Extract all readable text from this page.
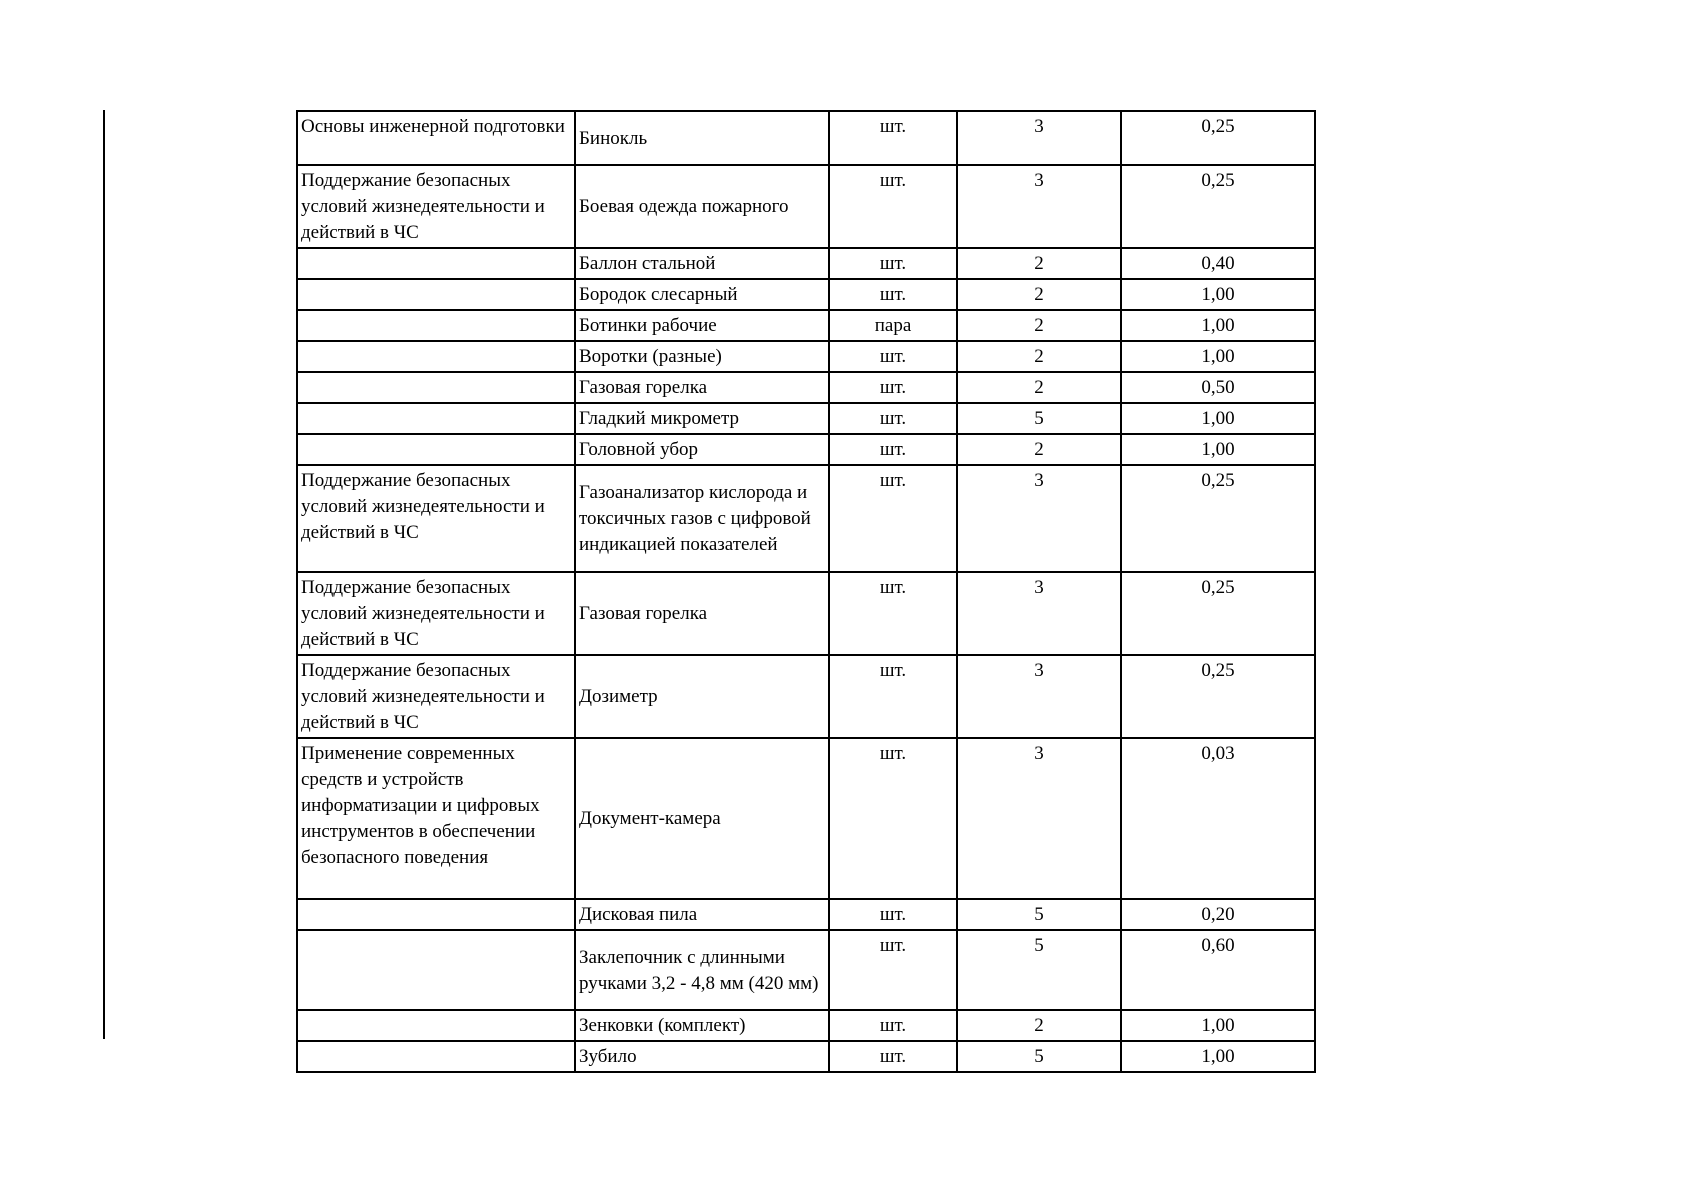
Основы инженерной подготовки	Бинокль	шт.	3	0,25
Поддержание безопасных условий жизнедеятельности и действий в ЧС	Боевая одежда пожарного	шт.	3	0,25
	Баллон стальной	шт.	2	0,40
	Бородок слесарный	шт.	2	1,00
	Ботинки рабочие	пара	2	1,00
	Воротки (разные)	шт.	2	1,00
	Газовая горелка	шт.	2	0,50
	Гладкий микрометр	шт.	5	1,00
	Головной убор	шт.	2	1,00
Поддержание безопасных условий жизнедеятельности и действий в ЧС	Газоанализатор кислорода и токсичных газов с цифровой индикацией показателей	шт.	3	0,25
Поддержание безопасных условий жизнедеятельности и действий в ЧС	Газовая горелка	шт.	3	0,25
Поддержание безопасных условий жизнедеятельности и действий в ЧС	Дозиметр	шт.	3	0,25
Применение современных средств и устройств информатизации и цифровых инструментов в обеспечении безопасного поведения	Документ-камера	шт.	3	0,03
	Дисковая пила	шт.	5	0,20
	Заклепочник с длинными ручками 3,2 - 4,8 мм (420 мм)	шт.	5	0,60
	Зенковки (комплект)	шт.	2	1,00
	Зубило	шт.	5	1,00
